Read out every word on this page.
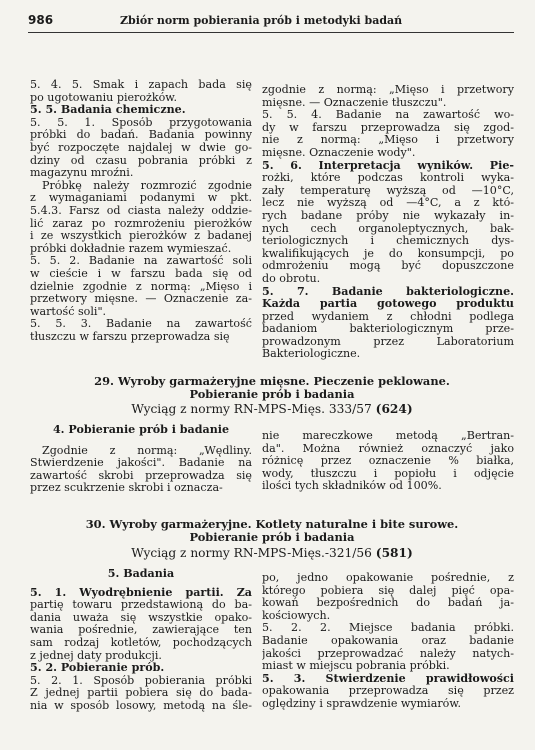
986	Zbiór norm pobierania prób i metodyki badań

5. 4. 5. Smak i zapach bada się

po ugotowaniu pierożków.

5. 5. Badania chemiczne.

5. 5. 1. Sposób przygotowania

próbki do badań. Badania powinny

być rozpoczęte najdalej w dwie go-

dziny od czasu pobrania próbki z

magazynu mroźni.

Próbkę należy rozmrozić zgodnie

z wymaganiami podanymi w pkt.

5.4.3. Farsz od ciasta należy oddzie-

lić zaraz po rozmrożeniu pierożków

i ze wszystkich pierożków z badanej

próbki dokładnie razem wymieszać.

5. 5. 2. Badanie na zawartość soli

w cieście i w farszu bada się od

dzielnie zgodnie z normą: „Mięso i

przetwory mięsne. — Oznaczenie za-

wartość soli".

5. 5. 3. Badanie na zawartość

tłuszczu w farszu przeprowadza się

zgodnie z normą: „Mięso i przetwory

mięsne. — Oznaczenie tłuszczu".

5. 5. 4. Badanie na zawartość wo-

dy w farszu przeprowadza się zgod-

nie z normą: „Mięso i przetwory

mięsne. Oznaczenie wody".

5. 6. Interpretacja wyników. Pie-

rożki, które podczas kontroli wyka-

zały temperaturę wyższą od —10°C,

lecz nie wyższą od —4°C, a z któ-

rych badane próby nie wykazały in-

nych cech organoleptycznych, bak-

teriologicznych i chemicznych dys-

kwalifikujących je do konsumpcji, po

odmrożeniu mogą być dopuszczone

do obrotu.

5. 7. Badanie bakteriologiczne.

Każda partia gotowego produktu

przed wydaniem z chłodni podlega

badaniom bakteriologicznym prze-

prowadzonym przez Laboratorium

Bakteriologiczne.

29. Wyroby garmażeryjne mięsne. Pieczenie peklowane.
Pobieranie prób i badania
Wyciąg z normy RN-MPS-Mięs. 333/57 (624)

4. Pobieranie prób i badanie

Zgodnie z normą: „Wędliny.

Stwierdzenie jakości". Badanie na

zawartość skrobi przeprowadza się

przez scukrzenie skrobi i oznacza-

nie mareczkowe metodą „Bertran-

da". Można również oznaczyć jako

różnicę przez oznaczenie % białka,

wody, tłuszczu i popiołu i odjęcie

ilości tych składników od 100%.

30. Wyroby garmażeryjne. Kotlety naturalne i bite surowe.
Pobieranie prób i badania
Wyciąg z normy RN-MPS-Mięs.-321/56 (581)

5. Badania

5. 1. Wyodrębnienie partii. Za

partię towaru przedstawioną do ba-

dania uważa się wszystkie opako-

wania pośrednie, zawierające ten

sam rodzaj kotletów, pochodzących

z jednej daty produkcji.

5. 2. Pobieranie prób.

5. 2. 1. Sposób pobierania próbki

Z jednej partii pobiera się do bada-

nia w sposób losowy, metodą na śle-

po, jedno opakowanie pośrednie, z

którego pobiera się dalej pięć opa-

kowań bezpośrednich do badań ja-

kościowych.

5. 2. 2. Miejsce badania próbki.

Badanie opakowania oraz badanie

jakości przeprowadzać należy natych-

miast w miejscu pobrania próbki.

5. 3. Stwierdzenie prawidłowości

opakowania przeprowadza się przez

oględziny i sprawdzenie wymiarów.
